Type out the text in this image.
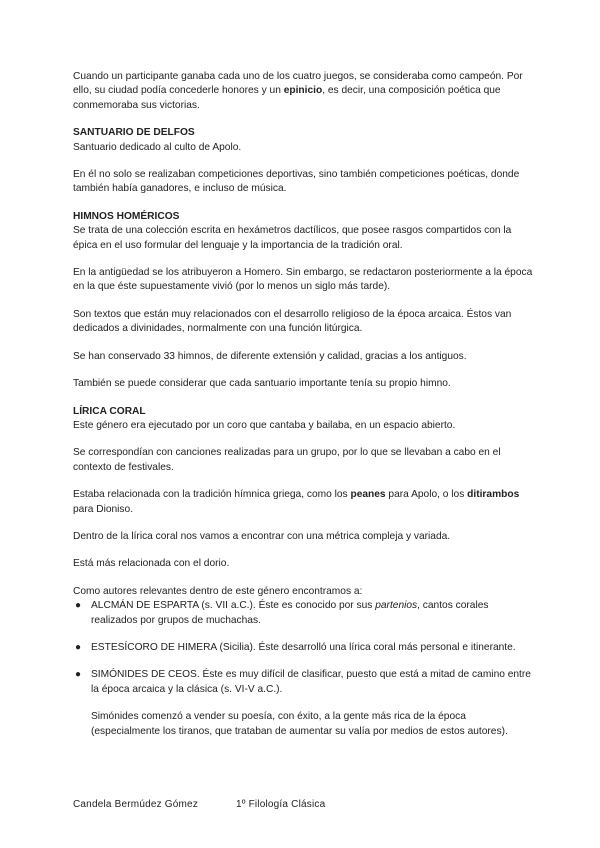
Cuando un participante ganaba cada uno de los cuatro juegos, se consideraba como campeón. Por ello, su ciudad podía concederle honores y un epinicio, es decir, una composición poética que conmemoraba sus victorias.

SANTUARIO DE DELFOS

Santuario dedicado al culto de Apolo.

En él no solo se realizaban competiciones deportivas, sino también competiciones poéticas, donde también había ganadores, e incluso de música.

HIMNOS HOMÉRICOS

Se trata de una colección escrita en hexámetros dactílicos, que posee rasgos compartidos con la épica en el uso formular del lenguaje y la importancia de la tradición oral.

En la antigüedad se los atribuyeron a Homero. Sin embargo, se redactaron posteriormente a la época en la que éste supuestamente vivió (por lo menos un siglo más tarde).

Son textos que están muy relacionados con el desarrollo religioso de la época arcaica. Éstos van dedicados a divinidades, normalmente con una función litúrgica.

Se han conservado 33 himnos, de diferente extensión y calidad, gracias a los antiguos.

También se puede considerar que cada santuario importante tenía su propio himno.

LÍRICA CORAL

Este género era ejecutado por un coro que cantaba y bailaba, en un espacio abierto.

Se correspondían con canciones realizadas para un grupo, por lo que se llevaban a cabo en el contexto de festivales.

Estaba relacionada con la tradición hímnica griega, como los peanes para Apolo, o los ditirambos para Dioniso.

Dentro de la lírica coral nos vamos a encontrar con una métrica compleja y variada.

Está más relacionada con el dorio.

Como autores relevantes dentro de este género encontramos a:

● ALCMÁN DE ESPARTA (s. VII a.C.). Éste es conocido por sus partenios, cantos corales realizados por grupos de muchachas.
● ESTESÍCORO DE HIMERA (Sicilia). Éste desarrolló una lírica coral más personal e itinerante.
● SIMÓNIDES DE CEOS. Éste es muy difícil de clasificar, puesto que está a mitad de camino entre la época arcaica y la clásica (s. VI-V a.C.).
Simónides comenzó a vender su poesía, con éxito, a la gente más rica de la época (especialmente los tiranos, que trataban de aumentar su valía por medios de estos autores).
Candela Bermúdez Gómez	1º Filología Clásica
